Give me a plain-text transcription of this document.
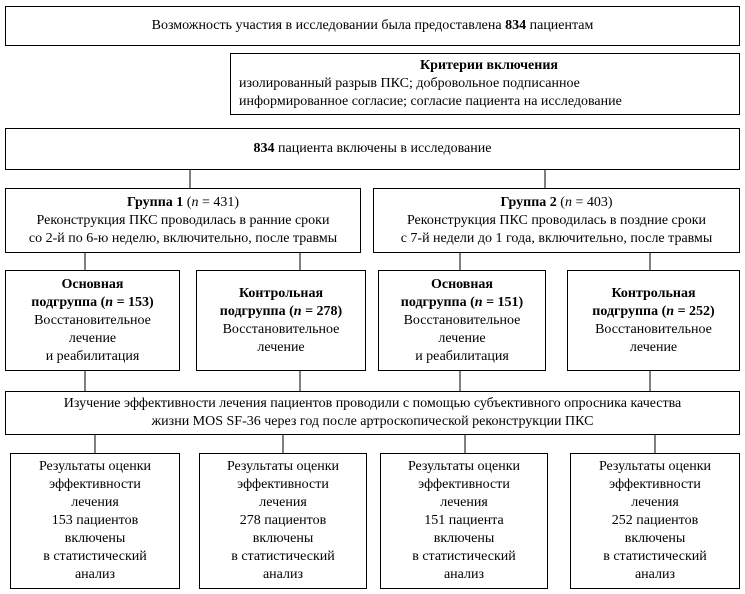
Возможность участия в исследовании была предоставлена 834 пациентам
Критерии включения
изолированный разрыв ПКС; добровольное подписанное
информированное согласие; согласие пациента на исследование
834 пациента включены в исследование
Группа 1 (n = 431)
Реконструкция ПКС проводилась в ранние сроки
со 2-й по 6-ю неделю, включительно, после травмы
Группа 2 (n = 403)
Реконструкция ПКС проводилась в поздние сроки
с 7-й недели до 1 года, включительно, после травмы
Основная
подгруппа (n = 153)
Восстановительное
лечение
и реабилитация
Контрольная
подгруппа (n = 278)
Восстановительное
лечение
Основная
подгруппа (n = 151)
Восстановительное
лечение
и реабилитация
Контрольная
подгруппа (n = 252)
Восстановительное
лечение
Изучение эффективности лечения пациентов проводили с помощью субъективного опросника качества
жизни MOS SF-36 через год после артроскопической реконструкции ПКС
Результаты оценки
эффективности
лечения
153 пациентов
включены
в статистический
анализ
Результаты оценки
эффективности
лечения
278 пациентов
включены
в статистический
анализ
Результаты оценки
эффективности
лечения
151 пациента
включены
в статистический
анализ
Результаты оценки
эффективности
лечения
252 пациентов
включены
в статистический
анализ
